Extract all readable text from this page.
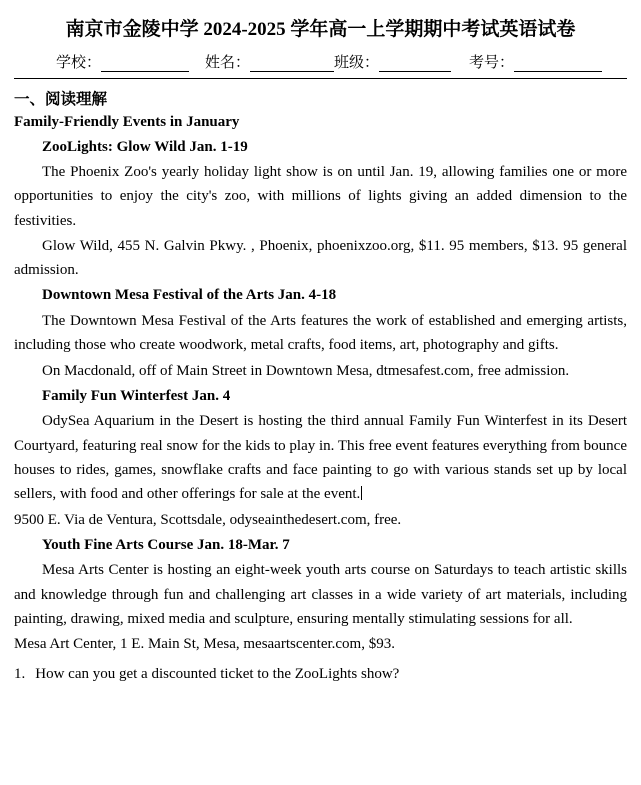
南京市金陵中学 2024-2025 学年高一上学期期中考试英语试卷
学校：	姓名：	班级：	考号：
一、阅读理解
Family-Friendly Events in January
ZooLights: Glow Wild Jan. 1-19

The Phoenix Zoo's yearly holiday light show is on until Jan. 19, allowing families one or more opportunities to enjoy the city's zoo, with millions of lights giving an added dimension to the festivities.

Glow Wild, 455 N. Galvin Pkwy. , Phoenix, phoenixzoo.org, $11. 95 members, $13. 95 general admission.

Downtown Mesa Festival of the Arts Jan. 4-18

The Downtown Mesa Festival of the Arts features the work of established and emerging artists, including those who create woodwork, metal crafts, food items, art, photography and gifts.

On Macdonald, off of Main Street in Downtown Mesa, dtmesafest.com, free admission.

Family Fun Winterfest Jan. 4

OdySea Aquarium in the Desert is hosting the third annual Family Fun Winterfest in its Desert Courtyard, featuring real snow for the kids to play in. This free event features everything from bounce houses to rides, games, snowflake crafts and face painting to go with various stands set up by local sellers, with food and other offerings for sale at the event.

9500 E. Via de Ventura, Scottsdale, odyseainthedesert.com, free.

Youth Fine Arts Course Jan. 18-Mar. 7

Mesa Arts Center is hosting an eight-week youth arts course on Saturdays to teach artistic skills and knowledge through fun and challenging art classes in a wide variety of art materials, including painting, drawing, mixed media and sculpture, ensuring mentally stimulating sessions for all.

Mesa Art Center, 1 E. Main St, Mesa, mesaartscenter.com, $93.

1. How can you get a discounted ticket to the ZooLights show?
